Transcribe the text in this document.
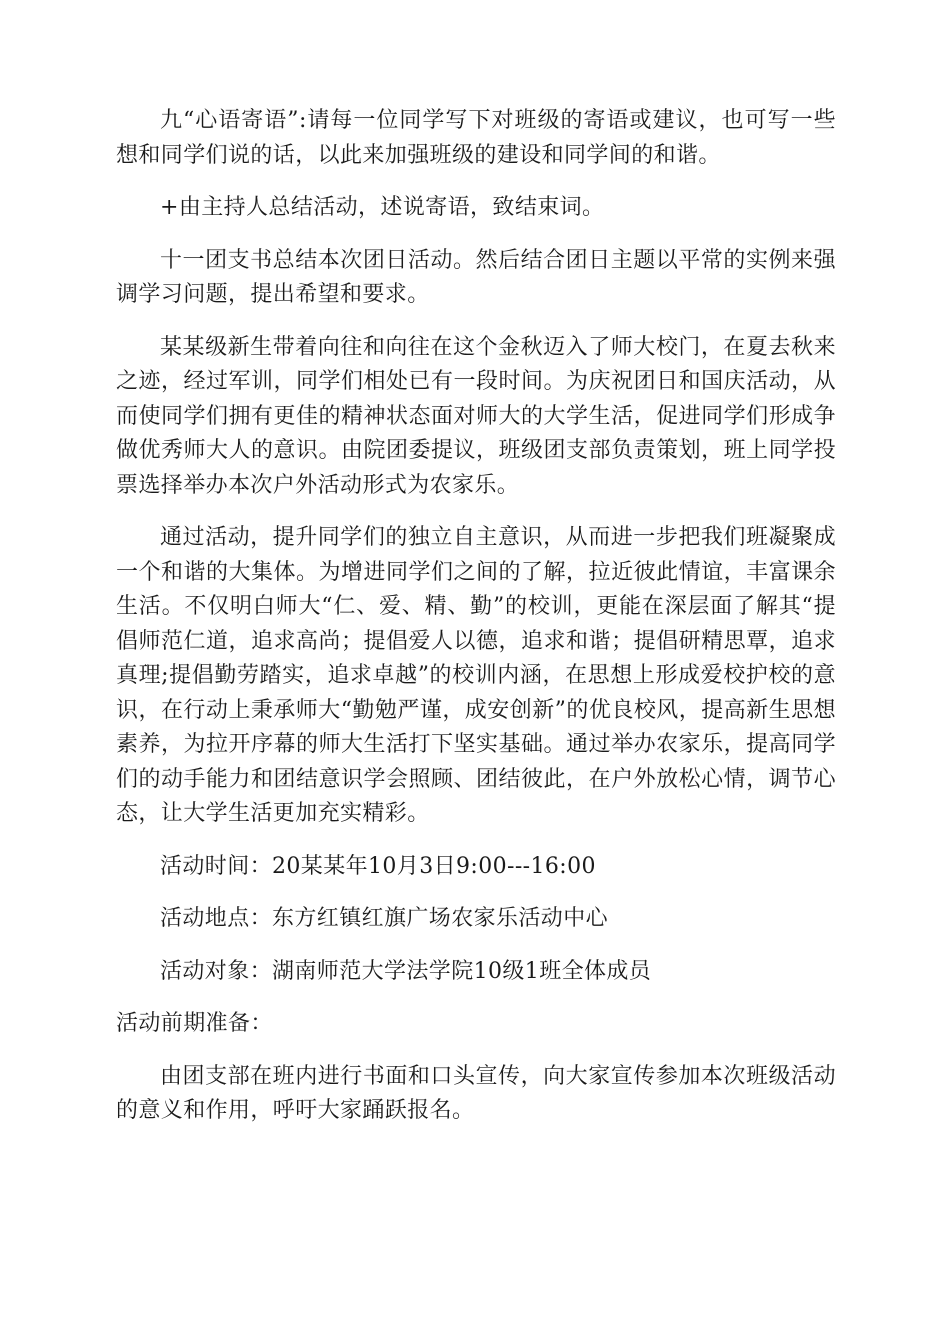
九“心语寄语”:请每一位同学写下对班级的寄语或建议，也可写一些想和同学们说的话，以此来加强班级的建设和同学间的和谐。

+由主持人总结活动，述说寄语，致结束词。

十一团支书总结本次团日活动。然后结合团日主题以平常的实例来强调学习问题，提出希望和要求。

某某级新生带着向往和向往在这个金秋迈入了师大校门，在夏去秋来之迹，经过军训，同学们相处已有一段时间。为庆祝团日和国庆活动，从而使同学们拥有更佳的精神状态面对师大的大学生活，促进同学们形成争做优秀师大人的意识。由院团委提议，班级团支部负责策划，班上同学投票选择举办本次户外活动形式为农家乐。

通过活动，提升同学们的独立自主意识，从而进一步把我们班凝聚成一个和谐的大集体。为增进同学们之间的了解，拉近彼此情谊，丰富课余生活。不仅明白师大“仁、爱、精、勤”的校训，更能在深层面了解其“提倡师范仁道，追求高尚；提倡爱人以德，追求和谐；提倡研精思覃，追求真理;提倡勤劳踏实，追求卓越”的校训内涵，在思想上形成爱校护校的意识，在行动上秉承师大“勤勉严谨，成安创新”的优良校风，提高新生思想素养，为拉开序幕的师大生活打下坚实基础。通过举办农家乐，提高同学们的动手能力和团结意识学会照顾、团结彼此，在户外放松心情，调节心态，让大学生活更加充实精彩。

活动时间：20某某年10月3日9:00---16:00

活动地点：东方红镇红旗广场农家乐活动中心

活动对象：湖南师范大学法学院10级1班全体成员

活动前期准备：

由团支部在班内进行书面和口头宣传，向大家宣传参加本次班级活动的意义和作用，呼吁大家踊跃报名。
